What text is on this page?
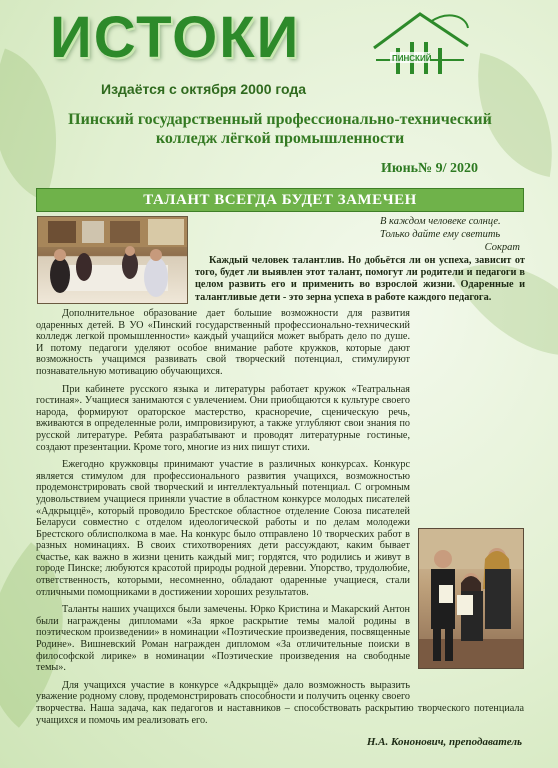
ИСТОКИ	ПИНСКИЙ
Издаётся с октября 2000 года
Пинский государственный профессионально-технический колледж лёгкой промышленности
Июнь№ 9/ 2020
ТАЛАНТ ВСЕГДА БУДЕТ ЗАМЕЧЕН
В каждом человеке солнце.
Только дайте ему светить
Сократ
Каждый человек талантлив. Но добьётся ли он успеха, зависит от того, будет ли выявлен этот талант, помогут ли родители и педагоги в целом развить его и применить во взрослой жизни. Одаренные и талантливые дети - это зерна успеха в работе каждого педагога.

Дополнительное образование дает большие возможности для развития одаренных детей. В УО «Пинский государственный профессионально-технический колледж легкой промышленности» каждый учащийся может выбрать дело по душе. И потому педагоги уделяют особое внимание работе кружков, которые дают возможность учащимся развивать свой творческий потенциал, стимулируют познавательную мотивацию обучающихся.

При кабинете русского языка и литературы работает кружок «Театральная гостиная». Учащиеся занимаются с увлечением. Они приобщаются к культуре своего народа, формируют ораторское мастерство, красноречие, сценическую речь, вживаются в определенные роли, импровизируют, а также углубляют свои знания по русской литературе. Ребята разрабатывают и проводят литературные гостиные, создают презентации. Кроме того, многие из них пишут стихи.

Ежегодно кружковцы принимают участие в различных конкурсах. Конкурс является стимулом для профессионального развития учащихся, возможностью продемонстрировать свой творческий и интеллектуальный потенциал. С огромным удовольствием учащиеся приняли участие в областном конкурсе молодых писателей «Адкрыццё», который проводило Брестское областное отделение Союза писателей Беларуси совместно с отделом идеологической работы и по делам молодежи Брестского облисполкома в мае. На конкурс было отправлено 10 творческих работ в разных номинациях. В своих стихотворениях дети рассуждают, каким бывает счастье, как важно в жизни ценить каждый миг; гордятся, что родились и живут в городе Пинске; любуются красотой природы родной деревни. Упорство, трудолюбие, ответственность, которыми, несомненно, обладают одаренные учащиеся, стали отличными помощниками в достижении хороших результатов.

Таланты наших учащихся были замечены. Юрко Кристина и Макарский Антон были награждены дипломами «За яркое раскрытие темы малой родины в поэтическом произведении» в номинации «Поэтические произведения, посвященные Родине». Вишневский Роман награжден дипломом «За отличительные поиски в философской лирике» в номинации «Поэтические произведения на свободные темы».

Для учащихся участие в конкурсе «Адкрыццё» дало возможность выразить уважение родному слову, продемонстрировать способности и получить оценку своего творчества. Наша задача, как педагогов и наставников – способствовать раскрытию творческого потенциала учащихся и помочь им реализовать его.

Н.А. Кононович, преподаватель
